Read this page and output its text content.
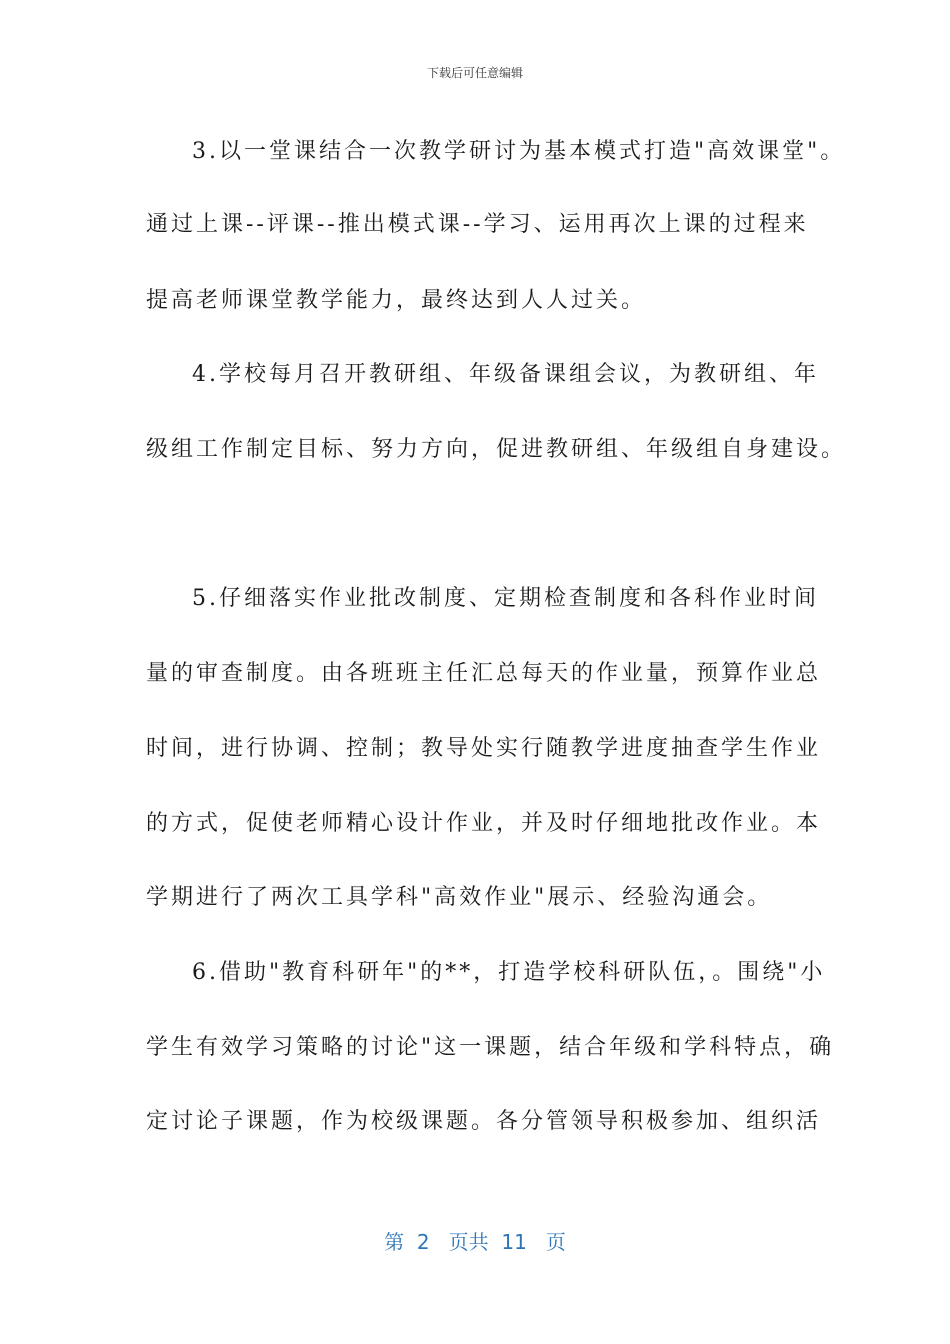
下载后可任意编辑
3.以一堂课结合一次教学研讨为基本模式打造"高效课堂"。
通过上课--评课--推出模式课--学习、运用再次上课的过程来
提高老师课堂教学能力，最终达到人人过关。
4.学校每月召开教研组、年级备课组会议，为教研组、年
级组工作制定目标、努力方向，促进教研组、年级组自身建设。
5.仔细落实作业批改制度、定期检查制度和各科作业时间
量的审查制度。由各班班主任汇总每天的作业量，预算作业总
时间，进行协调、控制；教导处实行随教学进度抽查学生作业
的方式，促使老师精心设计作业，并及时仔细地批改作业。本
学期进行了两次工具学科"高效作业"展示、经验沟通会。
6.借助"教育科研年"的**，打造学校科研队伍，。围绕"小
学生有效学习策略的讨论"这一课题，结合年级和学科特点，确
定讨论子课题，作为校级课题。各分管领导积极参加、组织活
第  2   页共  11   页
